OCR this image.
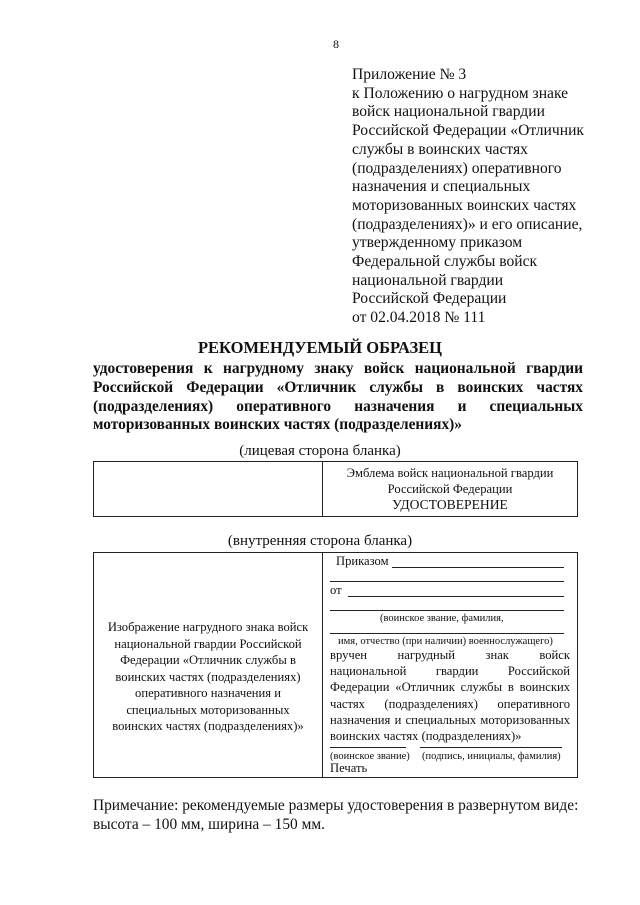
8
Приложение № 3
к Положению о нагрудном знаке
войск национальной гвардии
Российской Федерации «Отличник
службы в воинских частях
(подразделениях) оперативного
назначения и специальных
моторизованных воинских частях
(подразделениях)» и его описание,
утвержденному приказом
Федеральной службы войск
национальной гвардии
Российской Федерации
от 02.04.2018 № 111
РЕКОМЕНДУЕМЫЙ ОБРАЗЕЦ
удостоверения к нагрудному знаку войск национальной гвардии
Российской Федерации «Отличник службы в воинских частях
(подразделениях) оперативного назначения и специальных
моторизованных воинских частях (подразделениях)»
(лицевая сторона бланка)
Эмблема войск национальной гвардии
Российской Федерации
УДОСТОВЕРЕНИЕ
(внутренняя сторона бланка)
Изображение нагрудного знака войск
национальной гвардии Российской
Федерации «Отличник службы в
воинских частях (подразделениях)
оперативного назначения и
специальных моторизованных
воинских частях (подразделениях)»
Приказом
от
(воинское звание, фамилия,
имя, отчество (при наличии) военнослужащего)
вручен нагрудный знак войск
национальной гвардии Российской
Федерации «Отличник службы в воинских
частях (подразделениях) оперативного
назначения и специальных моторизованных
воинских частях (подразделениях)»
(воинское звание) (подпись, инициалы, фамилия)
Печать
Примечание: рекомендуемые размеры удостоверения в развернутом виде:
высота – 100 мм, ширина – 150 мм.
